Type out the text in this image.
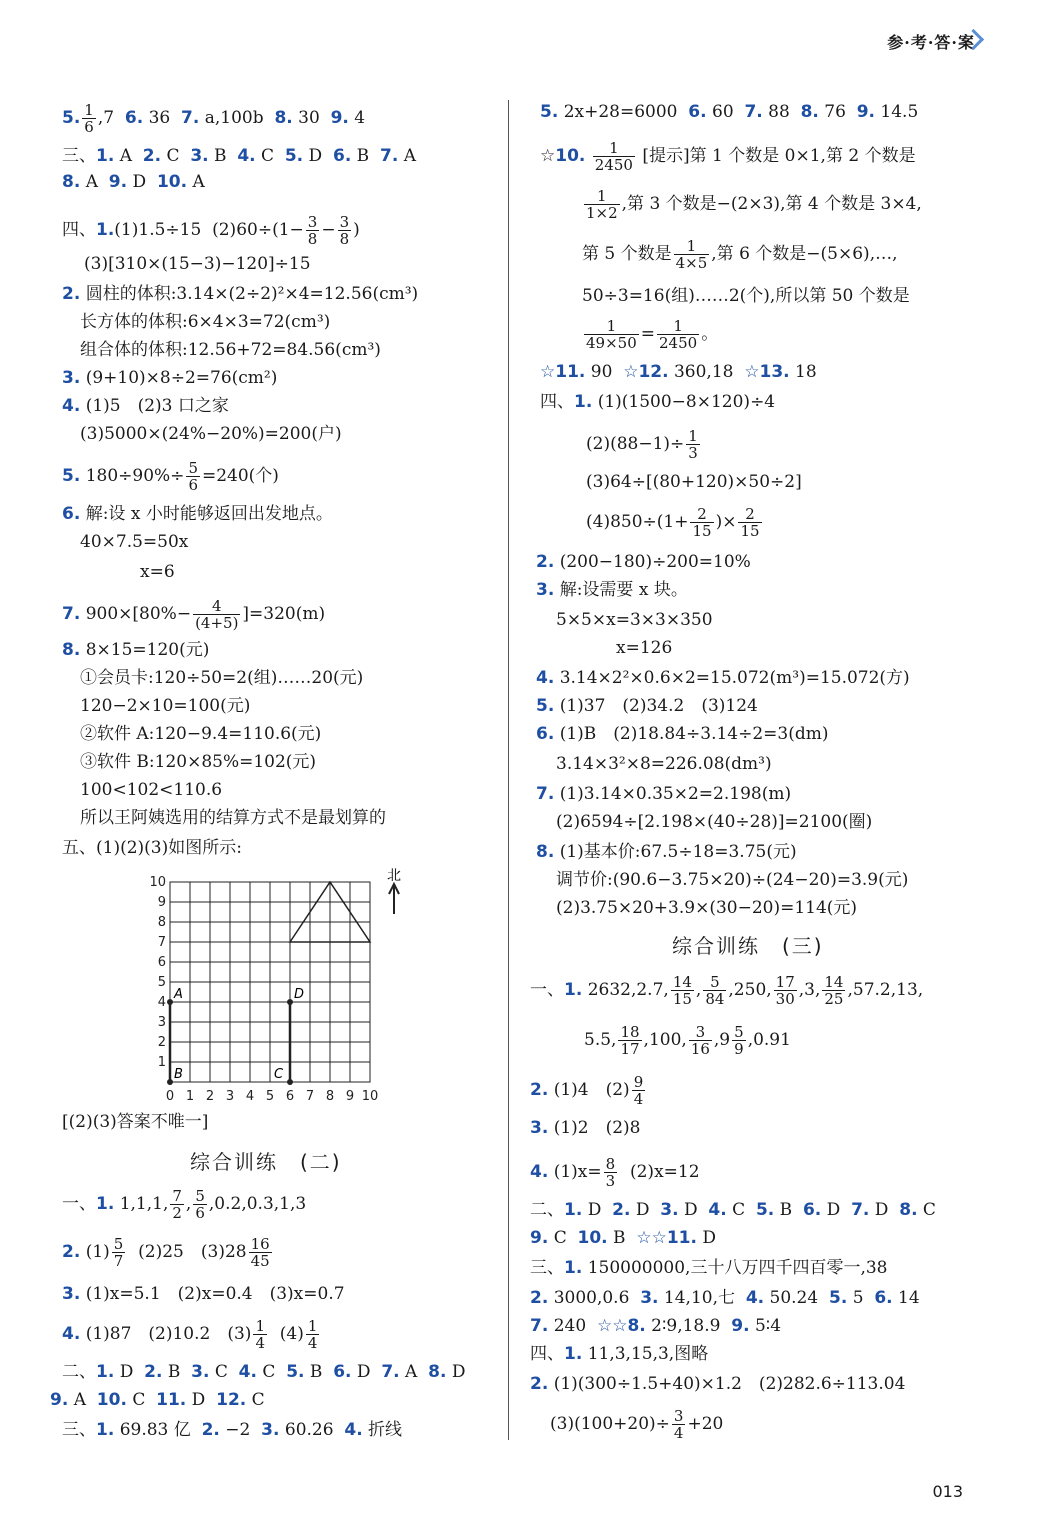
参·考·答·案
5. $\frac{1}{6} ,7$ 6. 36 7. a,100b 8. 30 9. 4
三、1. A  2. C  3. B  4. C  5. D  6. B  7. A
8. A  9. D  10. A
四、1.(1)1.5÷15 $(2)60\div(1- \frac{3}{8} - \frac{3}{8}$ )
(3)[310×(15−3)−120]÷15
2. 圆柱的体积:3.14×(2÷2)²×4=12.56(cm³)
长方体的体积:6×4×3=72(cm³)
组合体的体积:12.56+72=84.56(cm³)
3. (9+10)×8÷2=76(cm²)
4. (1)5　(2)3 口之家
(3)5000×(24%−20%)=200(户)
5. $180\div 90\%\div \frac{5}{6} =240$(个)
6. 解:设 x 小时能够返回出发地点。
40×7.5=50x
x=6
7. $900\times[80\%- \frac{4}{(4+5)} ]=320(m)$
8. 8×15=120(元)
①会员卡:120÷50=2(组)……20(元)
120−2×10=100(元)
②软件 A:120−9.4=110.6(元)
③软件 B:120×85%=102(元)
100<102<110.6
所以王阿姨选用的结算方式不是最划算的
五、(1)(2)(3)如图所示:
10
9
8
7
6
5
4
3
2
1
0 1 2 3 4 5 6 7 8 9 10
北
A	D
B	C
[(2)(3)答案不唯一]
综合训练　(二)
一、1. 1,1,1, $\frac{7}{2}$ , $\frac{5}{6} ,0.2,0.3,1,3$
2. $(1) \frac{5}{7} (2)25$　$(3)28 \frac{16}{45}$
3. (1)x=5.1　(2)x=0.4　(3)x=0.7
4. (1)87　(2)10.2　$(3) \frac{1}{4} (4) \frac{1}{4}$
二、1. D  2. B  3. C  4. C  5. B  6. D  7. A  8. D
9. A  10. C  11. D  12. C
三、1. 69.83 亿  2. −2  3. 60.26  4. 折线
5. 2x+28=6000  6. 60  7. 88  8. 76  9. 14.5
☆10. $\frac{1}{2450}$ [提示]第 1 个数是 0×1,第 2 个数是
$\frac{1}{1\times 2}$ ,第 3 个数是−(2×3),第 4 个数是 3×4,
第 5 个数是 $\frac{1}{4\times 5}$ ,第 6 个数是−(5×6),…,
50÷3=16(组)……2(个),所以第 50 个数是
$\frac{1}{49\times 50} = \frac{1}{2450}$ 。
☆11. 90  ☆12. 360,18  ☆13. 18
四、1. (1)(1500−8×120)÷4
$(2)(88-1)\div \frac{1}{3}$
(3)64÷[(80+120)×50÷2]
$(4)850\div(1+ \frac{2}{15}$ )× $\frac{2}{15}$
2. (200−180)÷200=10%
3. 解:设需要 x 块。
5×5×x=3×3×350
x=126
4. 3.14×2²×0.6×2=15.072(m³)=15.072(方)
5. (1)37　(2)34.2　(3)124
6. (1)B　(2)18.84÷3.14÷2=3(dm)
3.14×3²×8=226.08(dm³)
7. (1)3.14×0.35×2=2.198(m)
(2)6594÷[2.198×(40÷28)]=2100(圈)
8. (1)基本价:67.5÷18=3.75(元)
调节价:(90.6−3.75×20)÷(24−20)=3.9(元)
(2)3.75×20+3.9×(30−20)=114(元)
综合训练　(三)
一、1. 2632,2.7, $\frac{14}{15}$ , $\frac{5}{84} ,250$, $\frac{17}{30} ,3$, $\frac{14}{25} ,57.2,13$,
5.5, $\frac{18}{17} ,100$, $\frac{3}{16} ,9 \frac{5}{9} ,0.91$
2. (1)4　$(2) \frac{9}{4}$
3. (1)2　(2)8
4. $(1)x= \frac{8}{3} (2)x=12$
二、1. D  2. D  3. D  4. C  5. B  6. D  7. D  8. C
9. C  10. B  ☆☆11. D
三、1. 150000000,三十八万四千四百零一,38
2. 3000,0.6  3. 14,10,七  4. 50.24  5. 5  6. 14
7. 240  ☆☆8. 2∶9,18.9  9. 5∶4
四、1. 11,3,15,3,图略
2. (1)(300÷1.5+40)×1.2　(2)282.6÷113.04
$(3)(100+20)\div \frac{3}{4} +20$
013
